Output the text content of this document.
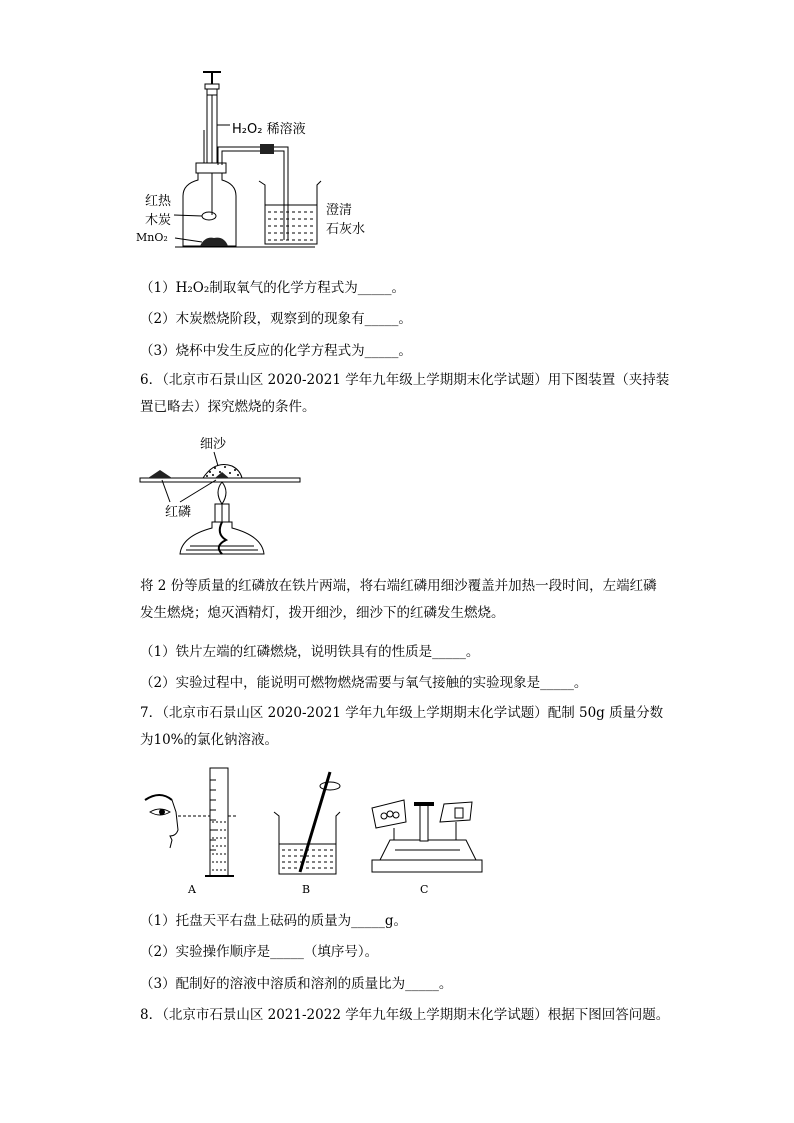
H₂O₂ 稀溶液
红热
木炭
MnO₂
澄清
石灰水
（1）H₂O₂制取氧气的化学方程式为_____。
（2）木炭燃烧阶段，观察到的现象有_____。
（3）烧杯中发生反应的化学方程式为_____。
6．（北京市石景山区 2020-2021 学年九年级上学期期末化学试题）用下图装置（夹持装置已略去）探究燃烧的条件。
细沙
红磷
将 2 份等质量的红磷放在铁片两端，将右端红磷用细沙覆盖并加热一段时间，左端红磷发生燃烧；熄灭酒精灯，拨开细沙，细沙下的红磷发生燃烧。
（1）铁片左端的红磷燃烧，说明铁具有的性质是_____。
（2）实验过程中，能说明可燃物燃烧需要与氧气接触的实验现象是_____。
7．（北京市石景山区 2020-2021 学年九年级上学期期末化学试题）配制 50g 质量分数为10%的氯化钠溶液。
A	B	C
（1）托盘天平右盘上砝码的质量为_____g。
（2）实验操作顺序是_____（填序号）。
（3）配制好的溶液中溶质和溶剂的质量比为_____。
8．（北京市石景山区 2021-2022 学年九年级上学期期末化学试题）根据下图回答问题。
